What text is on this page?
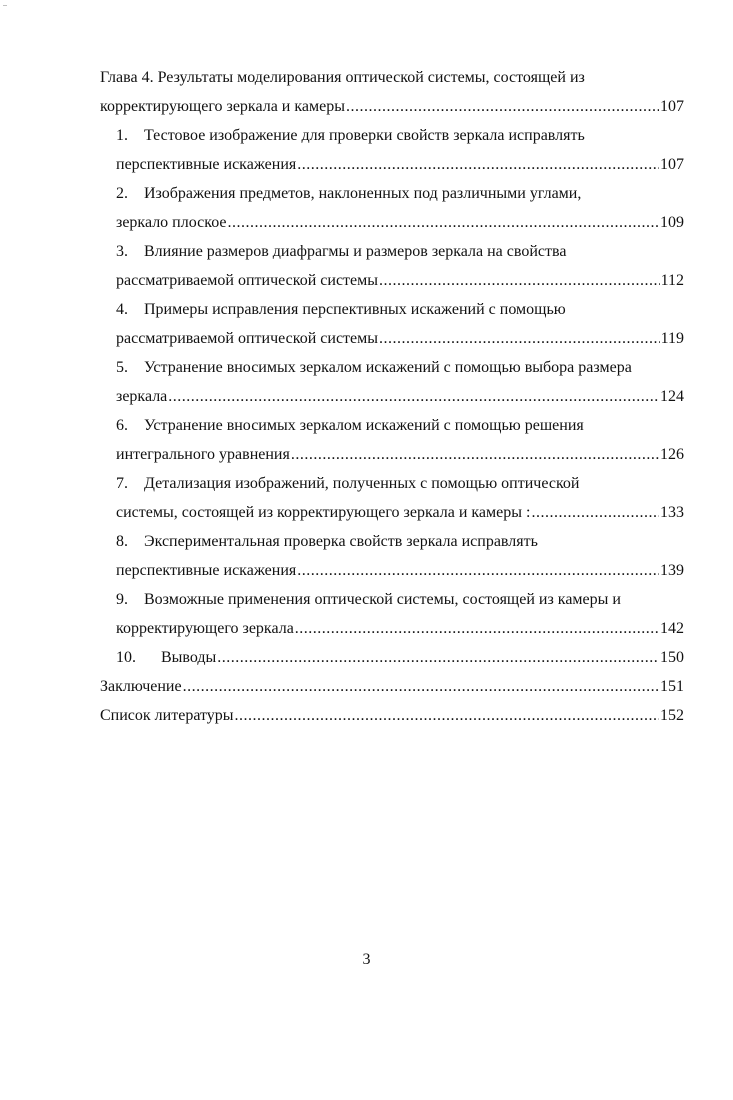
..
Глава 4. Результаты моделирования оптической системы, состоящей из
корректирующего зеркала и камеры .....	107
1. Тестовое изображение для проверки свойств зеркала исправлять
перспективные искажения .....	107
2. Изображения предметов, наклоненных под различными углами,
зеркало плоское .....	109
3. Влияние размеров диафрагмы и размеров зеркала на свойства
рассматриваемой оптической системы .....	112
4. Примеры исправления перспективных искажений с помощью
рассматриваемой оптической системы .....	119
5. Устранение вносимых зеркалом искажений с помощью выбора размера
зеркала .....	124
6. Устранение вносимых зеркалом искажений с помощью решения
интегрального уравнения .....	126
7. Детализация изображений, полученных с помощью оптической
системы, состоящей из корректирующего зеркала и камеры : .....	133
8. Экспериментальная проверка свойств зеркала исправлять
перспективные искажения .....	139
9. Возможные применения оптической системы, состоящей из камеры и
корректирующего зеркала .....	142
10. Выводы .....	150
Заключение .....	151
Список литературы .....	152
3
